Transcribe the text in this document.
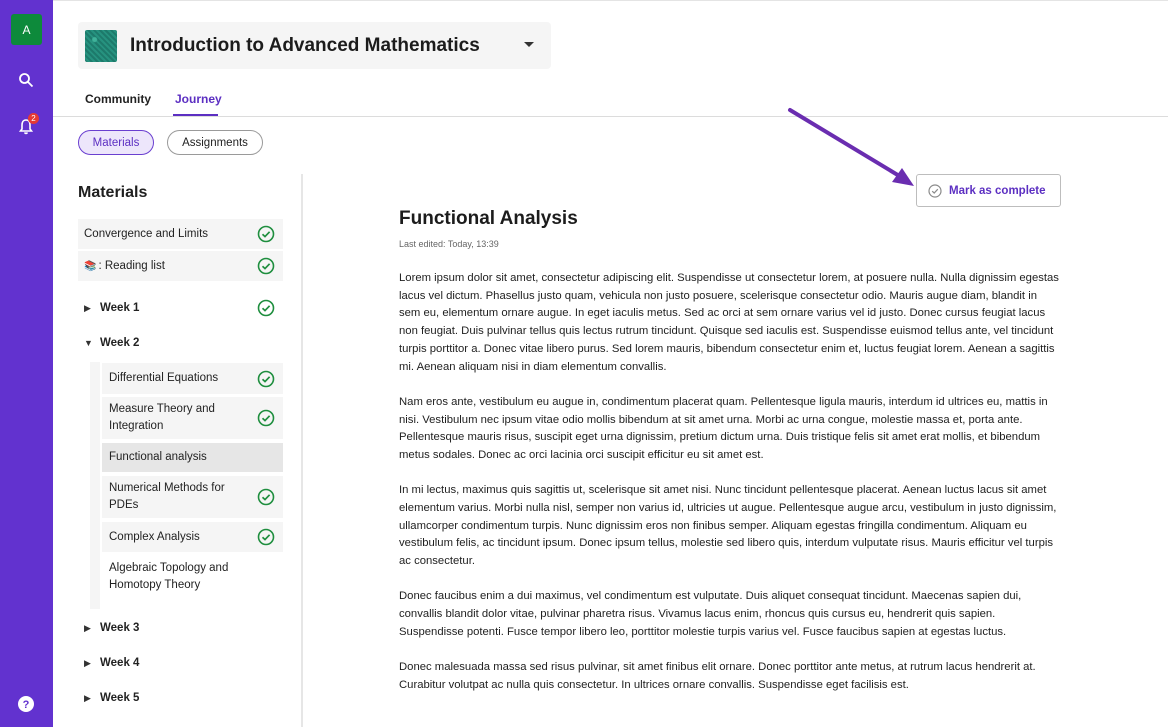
A
2
?
Introduction to Advanced Mathematics
Community Journey
Materials	Assignments
Materials
Convergence and Limits
📚 : Reading list
▶ Week 1
▼ Week 2
Differential Equations
Measure Theory and Integration
Functional analysis
Numerical Methods for PDEs
Complex Analysis
Algebraic Topology and Homotopy Theory
▶ Week 3
▶ Week 4
▶ Week 5
Mark as complete
Functional Analysis
Last edited: Today, 13:39

Lorem ipsum dolor sit amet, consectetur adipiscing elit. Suspendisse ut consectetur lorem, at posuere nulla. Nulla dignissim egestas lacus vel dictum. Phasellus justo quam, vehicula non justo posuere, scelerisque consectetur odio. Mauris augue diam, blandit in sem eu, elementum ornare augue. In eget iaculis metus. Sed ac orci at sem ornare varius vel id justo. Donec cursus feugiat lacus non feugiat. Duis pulvinar tellus quis lectus rutrum tincidunt. Quisque sed iaculis est. Suspendisse euismod tellus ante, vel tincidunt turpis porttitor a. Donec vitae libero purus. Sed lorem mauris, bibendum consectetur enim et, luctus feugiat lorem. Aenean a sagittis mi. Aenean aliquam nisi in diam elementum convallis.

Nam eros ante, vestibulum eu augue in, condimentum placerat quam. Pellentesque ligula mauris, interdum id ultrices eu, mattis in nisi. Vestibulum nec ipsum vitae odio mollis bibendum at sit amet urna. Morbi ac urna congue, molestie massa et, porta ante. Pellentesque mauris risus, suscipit eget urna dignissim, pretium dictum urna. Duis tristique felis sit amet erat mollis, et bibendum metus sodales. Donec ac orci lacinia orci suscipit efficitur eu sit amet est.

In mi lectus, maximus quis sagittis ut, scelerisque sit amet nisi. Nunc tincidunt pellentesque placerat. Aenean luctus lacus sit amet elementum varius. Morbi nulla nisl, semper non varius id, ultricies ut augue. Pellentesque augue arcu, vestibulum in justo dignissim, ullamcorper condimentum turpis. Nunc dignissim eros non finibus semper. Aliquam egestas fringilla condimentum. Aliquam eu vestibulum felis, ac tincidunt ipsum. Donec ipsum tellus, molestie sed libero quis, interdum vulputate risus. Mauris efficitur vel turpis ac consectetur.

Donec faucibus enim a dui maximus, vel condimentum est vulputate. Duis aliquet consequat tincidunt. Maecenas sapien dui, convallis blandit dolor vitae, pulvinar pharetra risus. Vivamus lacus enim, rhoncus quis cursus eu, hendrerit quis sapien. Suspendisse potenti. Fusce tempor libero leo, porttitor molestie turpis varius vel. Fusce faucibus sapien at egestas luctus.

Donec malesuada massa sed risus pulvinar, sit amet finibus elit ornare. Donec porttitor ante metus, at rutrum lacus hendrerit at. Curabitur volutpat ac nulla quis consectetur. In ultrices ornare convallis. Suspendisse eget facilisis est.
